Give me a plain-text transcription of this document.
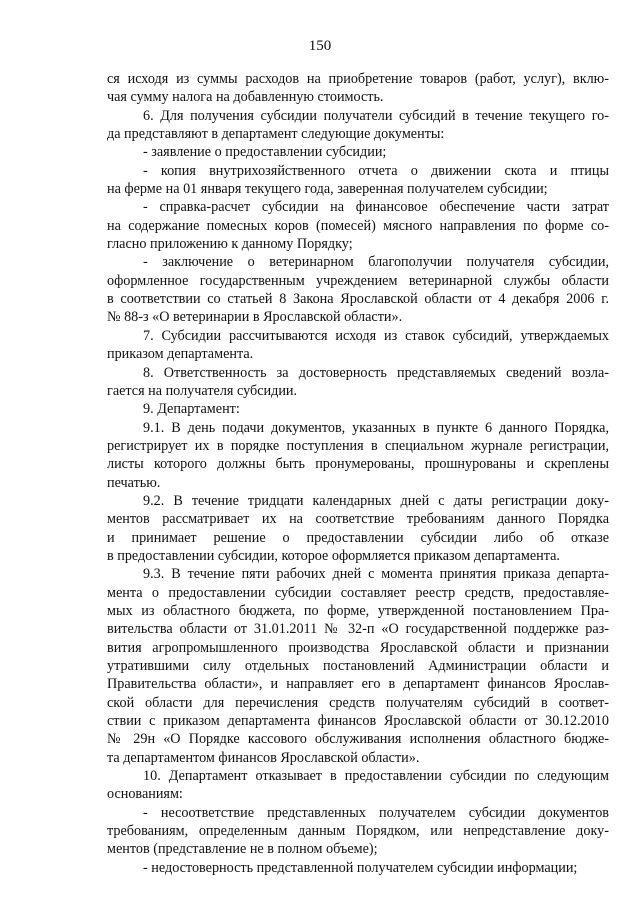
150
ся исходя из суммы расходов на приобретение товаров (работ, услуг), вклю-
чая сумму налога на добавленную стоимость.
6. Для получения субсидии получатели субсидий в течение текущего го-
да представляют в департамент следующие документы:
- заявление о предоставлении субсидии;
- копия внутрихозяйственного отчета о движении скота и птицы
на ферме на 01 января текущего года, заверенная получателем субсидии;
- справка-расчет субсидии на финансовое обеспечение части затрат
на содержание помесных коров (помесей) мясного направления по форме со-
гласно приложению к данному Порядку;
- заключение о ветеринарном благополучии получателя субсидии,
оформленное государственным учреждением ветеринарной службы области
в соответствии со статьей 8 Закона Ярославской области от 4 декабря 2006 г.
№ 88-з «О ветеринарии в Ярославской области».
7. Субсидии рассчитываются исходя из ставок субсидий, утверждаемых
приказом департамента.
8. Ответственность за достоверность представляемых сведений возла-
гается на получателя субсидии.
9. Департамент:
9.1. В день подачи документов, указанных в пункте 6 данного Порядка,
регистрирует их в порядке поступления в специальном журнале регистрации,
листы которого должны быть пронумерованы, прошнурованы и скреплены
печатью.
9.2. В течение тридцати календарных дней с даты регистрации доку-
ментов рассматривает их на соответствие требованиям данного Порядка
и принимает решение о предоставлении субсидии либо об отказе
в предоставлении субсидии, которое оформляется приказом департамента.
9.3. В течение пяти рабочих дней с момента принятия приказа департа-
мента о предоставлении субсидии составляет реестр средств, предоставляе-
мых из областного бюджета, по форме, утвержденной постановлением Пра-
вительства области от 31.01.2011 № 32-п «О государственной поддержке раз-
вития агропромышленного производства Ярославской области и признании
утратившими силу отдельных постановлений Администрации области и
Правительства области», и направляет его в департамент финансов Ярослав-
ской области для перечисления средств получателям субсидий в соответ-
ствии с приказом департамента финансов Ярославской области от 30.12.2010
№ 29н «О Порядке кассового обслуживания исполнения областного бюдже-
та департаментом финансов Ярославской области».
10. Департамент отказывает в предоставлении субсидии по следующим
основаниям:
- несоответствие представленных получателем субсидии документов
требованиям, определенным данным Порядком, или непредставление доку-
ментов (представление не в полном объеме);
- недостоверность представленной получателем субсидии информации;
